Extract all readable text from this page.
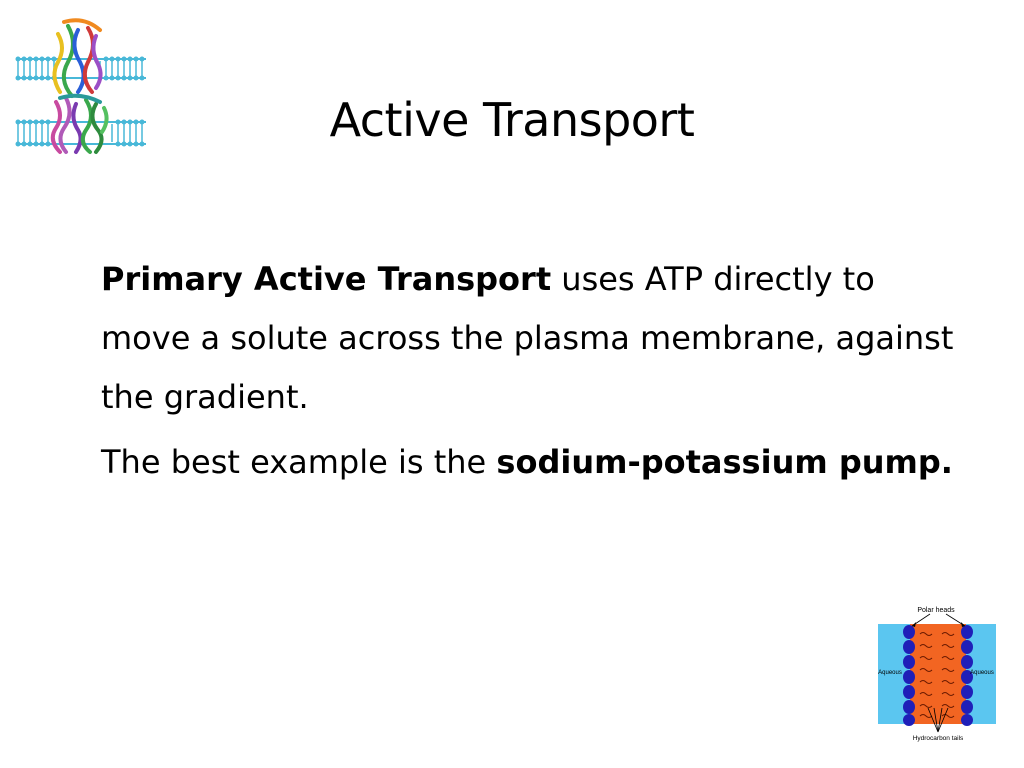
Active Transport

Primary Active Transport uses ATP directly to move a solute across the plasma membrane, against the gradient.

The best example is the sodium-potassium pump.

Polar heads
Aqueous	Aqueous
Hydrocarbon tails
